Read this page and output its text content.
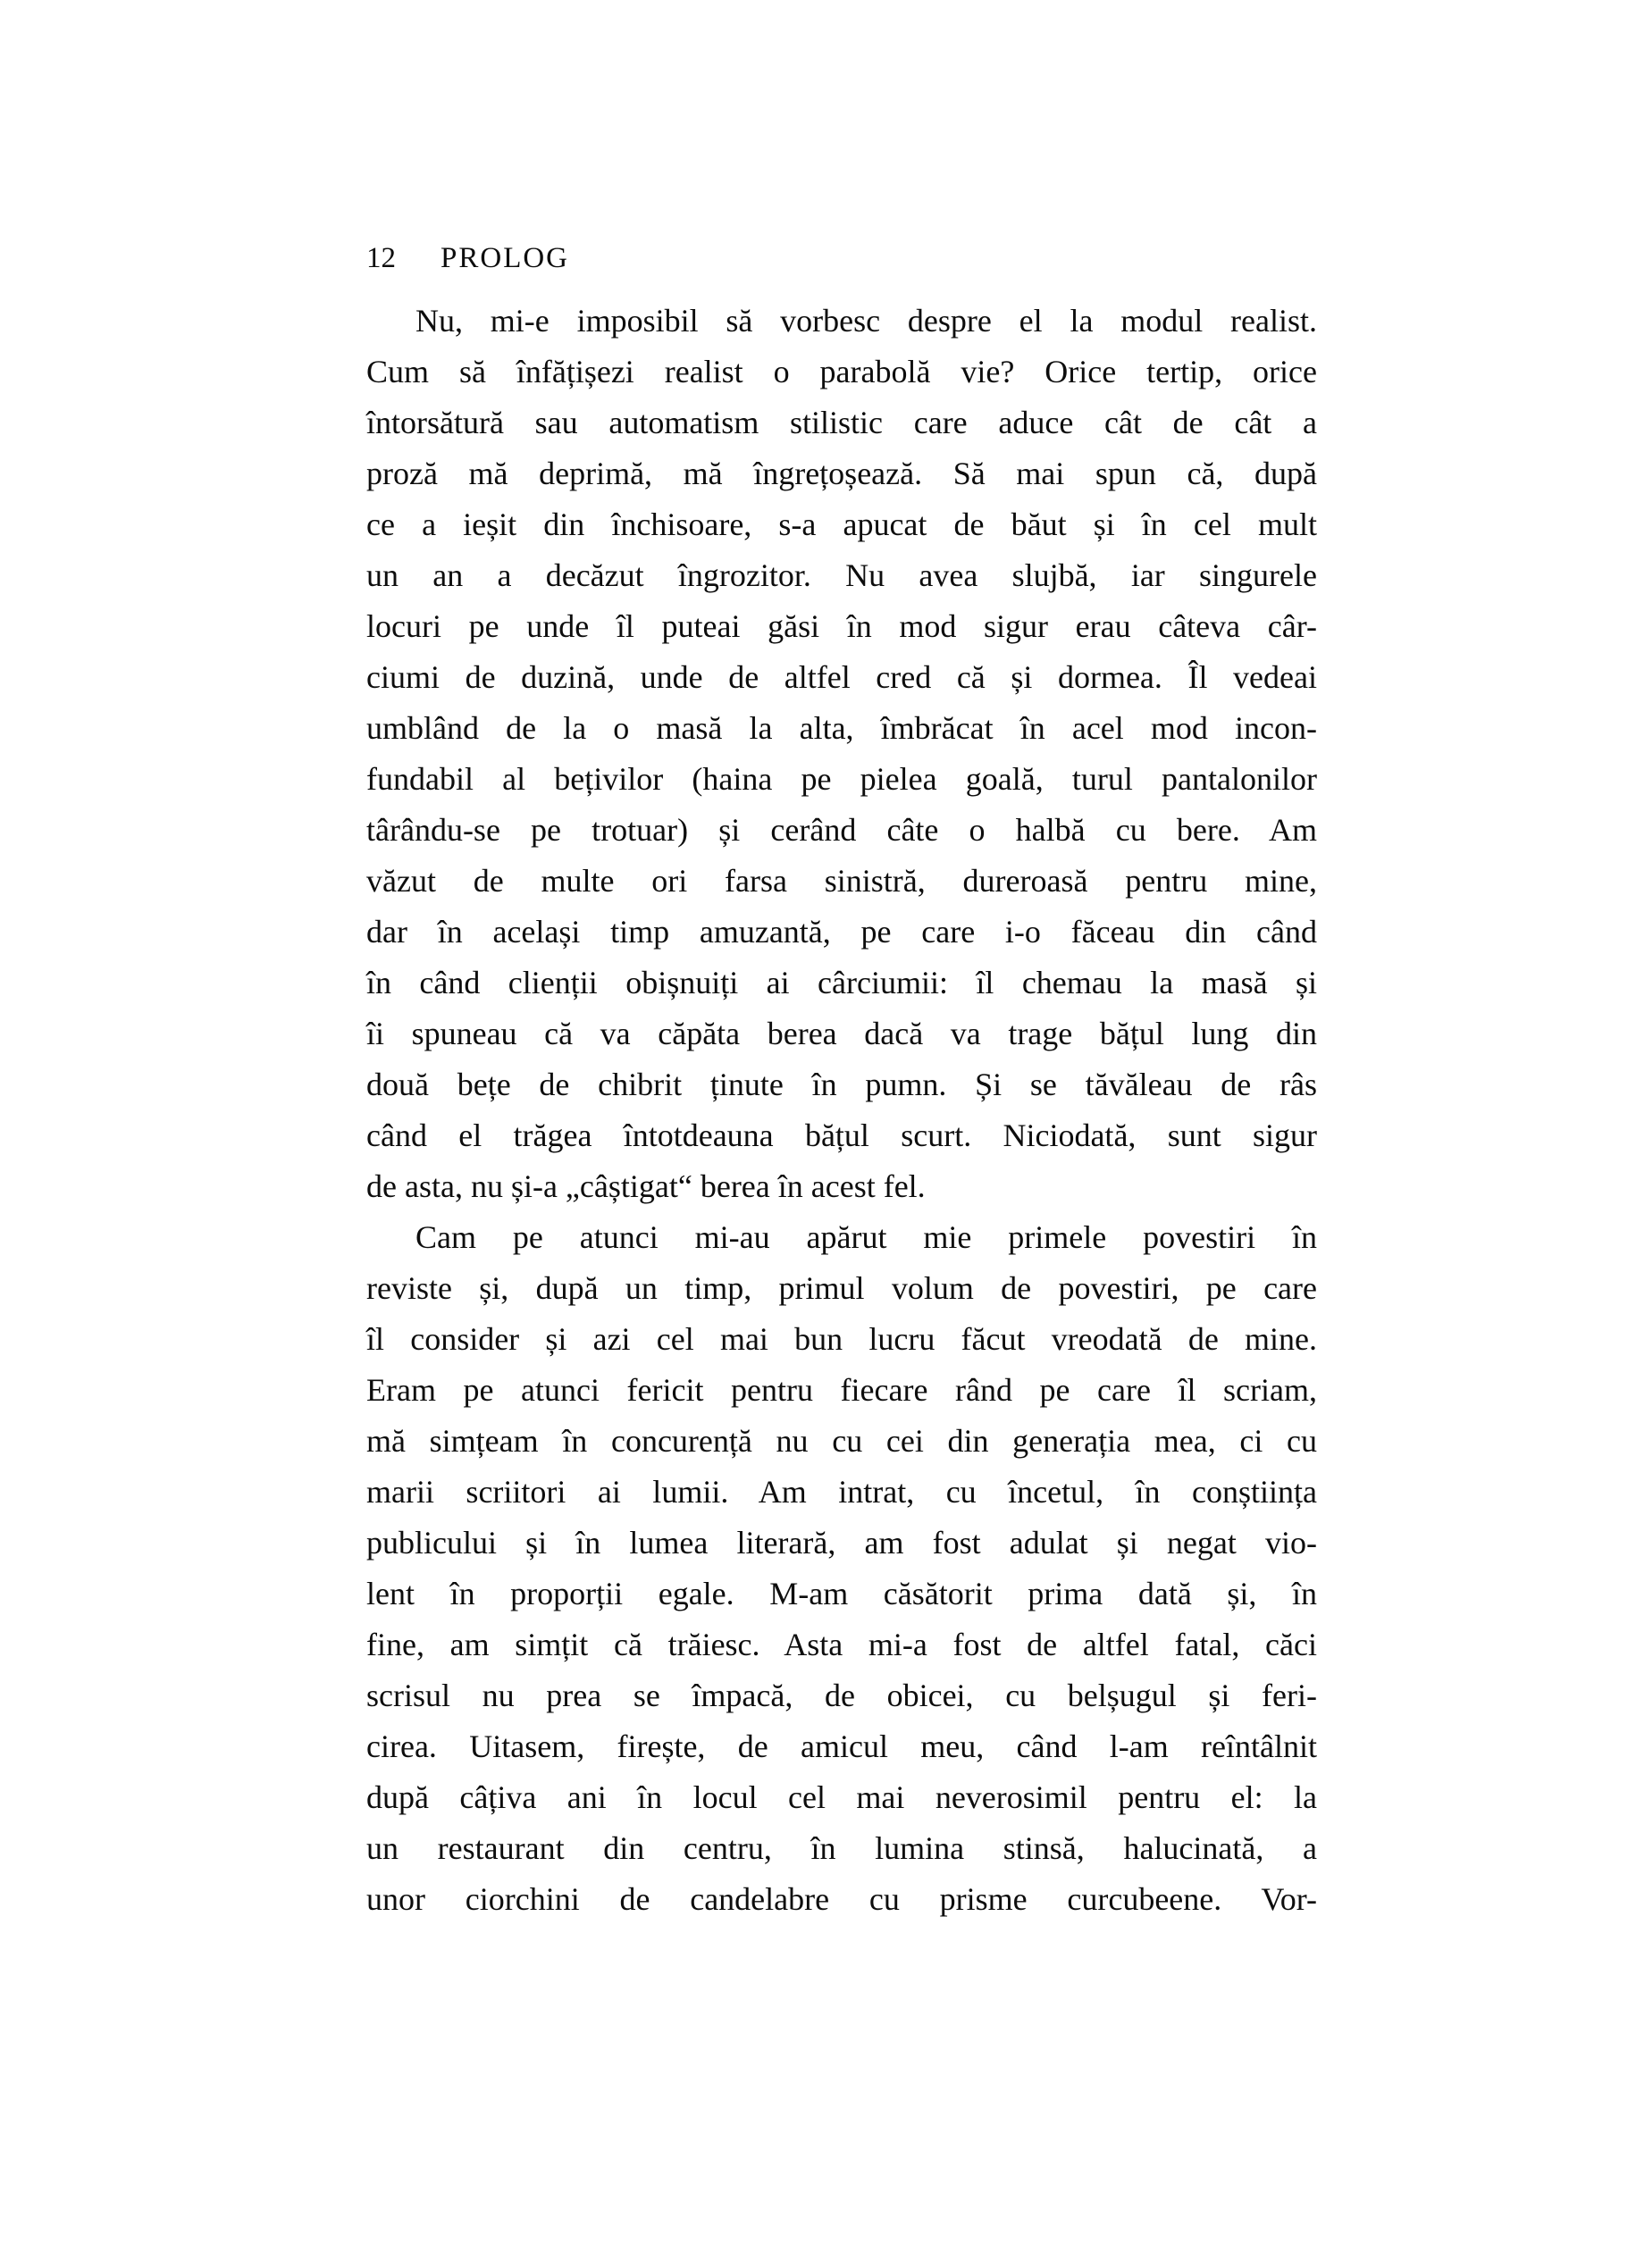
12 PROLOG
Nu, mi-e imposibil să vorbesc despre el la modul realist.
Cum să înfățișezi realist o parabolă vie? Orice tertip, orice
întorsătură sau automatism stilistic care aduce cât de cât a
proză mă deprimă, mă îngrețoșează. Să mai spun că, după
ce a ieșit din închisoare, s-a apucat de băut și în cel mult
un an a decăzut îngrozitor. Nu avea slujbă, iar singurele
locuri pe unde îl puteai găsi în mod sigur erau câteva câr-
ciumi de duzină, unde de altfel cred că și dormea. Îl vedeai
umblând de la o masă la alta, îmbrăcat în acel mod incon-
fundabil al bețivilor (haina pe pielea goală, turul pantalonilor
târându-se pe trotuar) și cerând câte o halbă cu bere. Am
văzut de multe ori farsa sinistră, dureroasă pentru mine,
dar în același timp amuzantă, pe care i-o făceau din când
în când clienții obișnuiți ai cârciumii: îl chemau la masă și
îi spuneau că va căpăta berea dacă va trage bățul lung din
două bețe de chibrit ținute în pumn. Și se tăvăleau de râs
când el trăgea întotdeauna bățul scurt. Niciodată, sunt sigur
de asta, nu și-a „câștigat“ berea în acest fel.
Cam pe atunci mi-au apărut mie primele povestiri în
reviste și, după un timp, primul volum de povestiri, pe care
îl consider și azi cel mai bun lucru făcut vreodată de mine.
Eram pe atunci fericit pentru fiecare rând pe care îl scriam,
mă simțeam în concurență nu cu cei din generația mea, ci cu
marii scriitori ai lumii. Am intrat, cu încetul, în conștiința
publicului și în lumea literară, am fost adulat și negat vio-
lent în proporții egale. M-am căsătorit prima dată și, în
fine, am simțit că trăiesc. Asta mi-a fost de altfel fatal, căci
scrisul nu prea se împacă, de obicei, cu belșugul și feri-
cirea. Uitasem, firește, de amicul meu, când l-am reîntâlnit
după câțiva ani în locul cel mai neverosimil pentru el: la
un restaurant din centru, în lumina stinsă, halucinată, a
unor ciorchini de candelabre cu prisme curcubeene. Vor-
